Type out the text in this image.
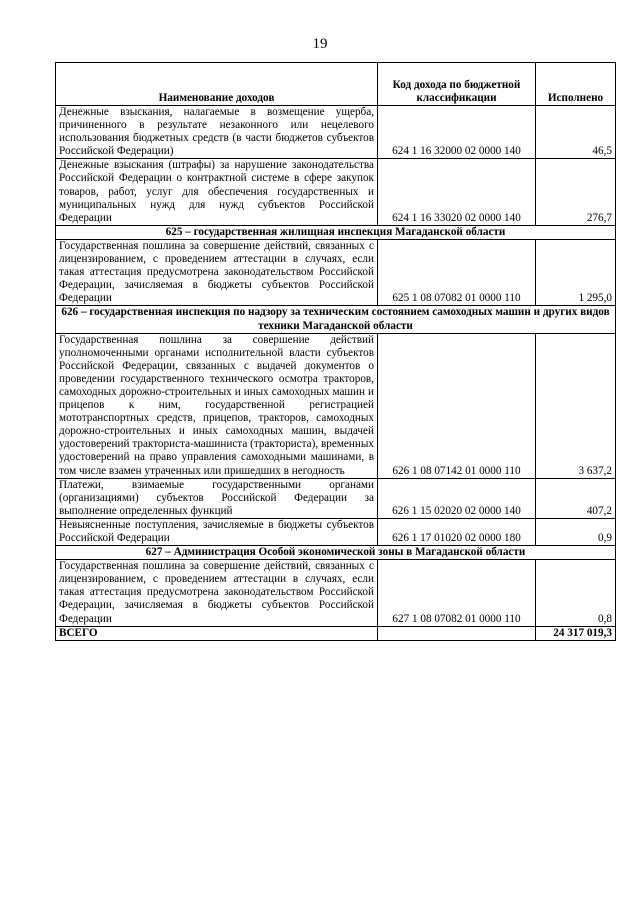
19
Наименование доходов	Код дохода по бюджетной классификации	Исполнено
Денежные взыскания, налагаемые в возмещение ущерба, причиненного в результате незаконного или нецелевого использования бюджетных средств (в части бюджетов субъектов Российской Федерации)	624 1 16 32000 02 0000 140	46,5
Денежные взыскания (штрафы) за нарушение законодательства Российской Федерации о контрактной системе в сфере закупок товаров, работ, услуг для обеспечения государственных и муниципальных нужд для нужд субъектов Российской Федерации	624 1 16 33020 02 0000 140	276,7
625 – государственная жилищная инспекция Магаданской области		
Государственная пошлина за совершение действий, связанных с лицензированием, с проведением аттестации в случаях, если такая аттестация предусмотрена законодательством Российской Федерации, зачисляемая в бюджеты субъектов Российской Федерации	625 1 08 07082 01 0000 110	1 295,0
626 – государственная инспекция по надзору за техническим состоянием самоходных машин и других видов техники Магаданской области		
Государственная пошлина за совершение действий уполномоченными органами исполнительной власти субъектов Российской Федерации, связанных с выдачей документов о проведении государственного технического осмотра тракторов, самоходных дорожно-строительных и иных самоходных машин и прицепов к ним, государственной регистрацией мототранспортных средств, прицепов, тракторов, самоходных дорожно-строительных и иных самоходных машин, выдачей удостоверений тракториста-машиниста (тракториста), временных удостоверений на право управления самоходными машинами, в том числе взамен утраченных или пришедших в негодность	626 1 08 07142 01 0000 110	3 637,2
Платежи, взимаемые государственными органами (организациями) субъектов Российской Федерации за выполнение определенных функций	626 1 15 02020 02 0000 140	407,2
Невыясненные поступления, зачисляемые в бюджеты субъектов Российской Федерации	626 1 17 01020 02 0000 180	0,9
627 – Администрация Особой экономической зоны в Магаданской области		
Государственная пошлина за совершение действий, связанных с лицензированием, с проведением аттестации в случаях, если такая аттестация предусмотрена законодательством Российской Федерации, зачисляемая в бюджеты субъектов Российской Федерации	627 1 08 07082 01 0000 110	0,8
ВСЕГО		24 317 019,3
